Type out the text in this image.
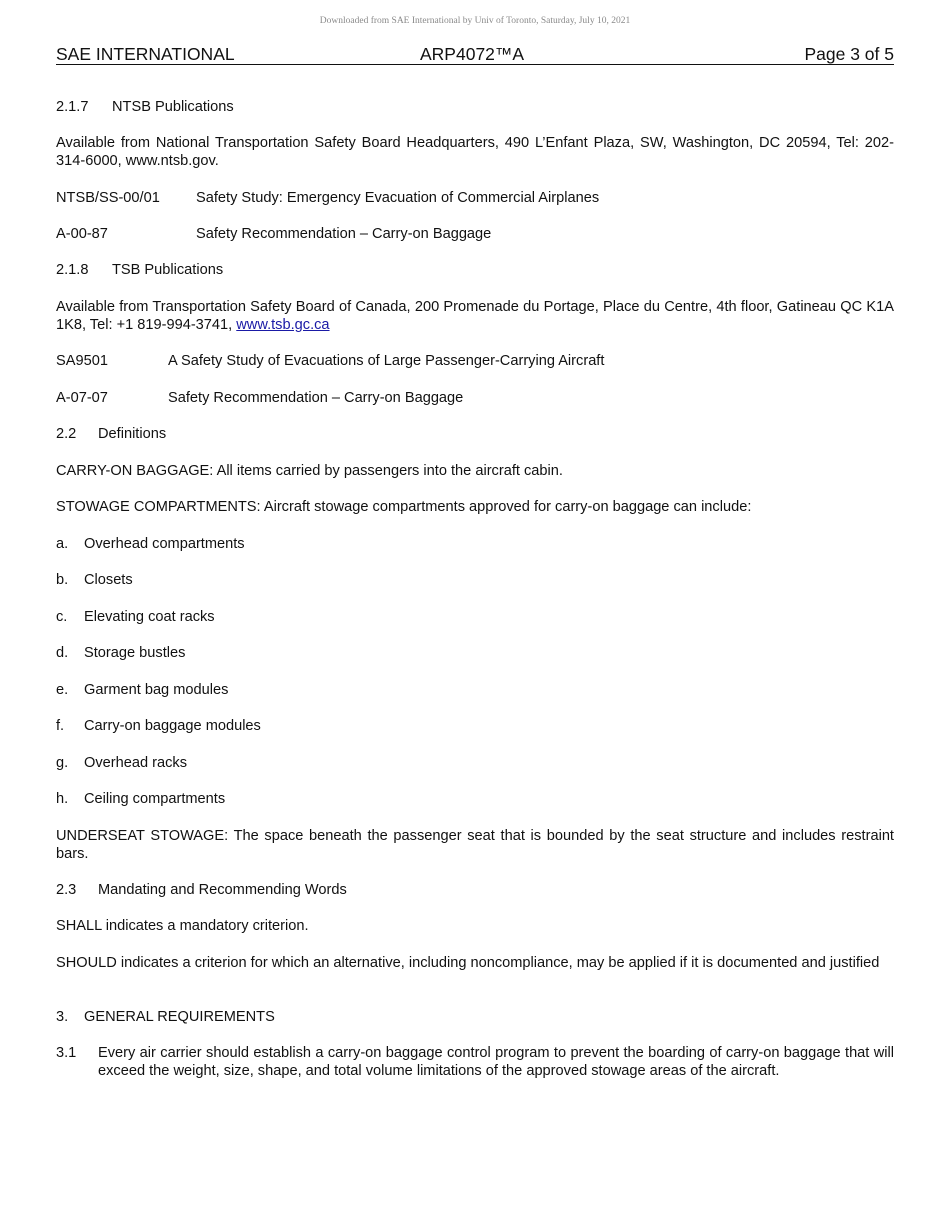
Downloaded from SAE International by Univ of Toronto, Saturday, July 10, 2021
SAE INTERNATIONAL	ARP4072™A	Page 3 of 5
2.1.7 NTSB Publications
Available from National Transportation Safety Board Headquarters, 490 L’Enfant Plaza, SW, Washington, DC 20594, Tel: 202-314-6000, www.ntsb.gov.
NTSB/SS-00/01 Safety Study: Emergency Evacuation of Commercial Airplanes
A-00-87	Safety Recommendation – Carry-on Baggage
2.1.8 TSB Publications
Available from Transportation Safety Board of Canada, 200 Promenade du Portage, Place du Centre, 4th floor, Gatineau QC K1A 1K8, Tel: +1 819-994-3741, www.tsb.gc.ca
SA9501	A Safety Study of Evacuations of Large Passenger-Carrying Aircraft
A-07-07	Safety Recommendation – Carry-on Baggage
2.2 Definitions
CARRY-ON BAGGAGE: All items carried by passengers into the aircraft cabin.
STOWAGE COMPARTMENTS: Aircraft stowage compartments approved for carry-on baggage can include:
a. Overhead compartments
b. Closets
c. Elevating coat racks
d. Storage bustles
e. Garment bag modules
f. Carry-on baggage modules
g. Overhead racks
h. Ceiling compartments
UNDERSEAT STOWAGE: The space beneath the passenger seat that is bounded by the seat structure and includes restraint bars.
2.3 Mandating and Recommending Words
SHALL indicates a mandatory criterion.
SHOULD indicates a criterion for which an alternative, including noncompliance, may be applied if it is documented and justified
3. GENERAL REQUIREMENTS
3.1 Every air carrier should establish a carry-on baggage control program to prevent the boarding of carry-on baggage that will exceed the weight, size, shape, and total volume limitations of the approved stowage areas of the aircraft.
